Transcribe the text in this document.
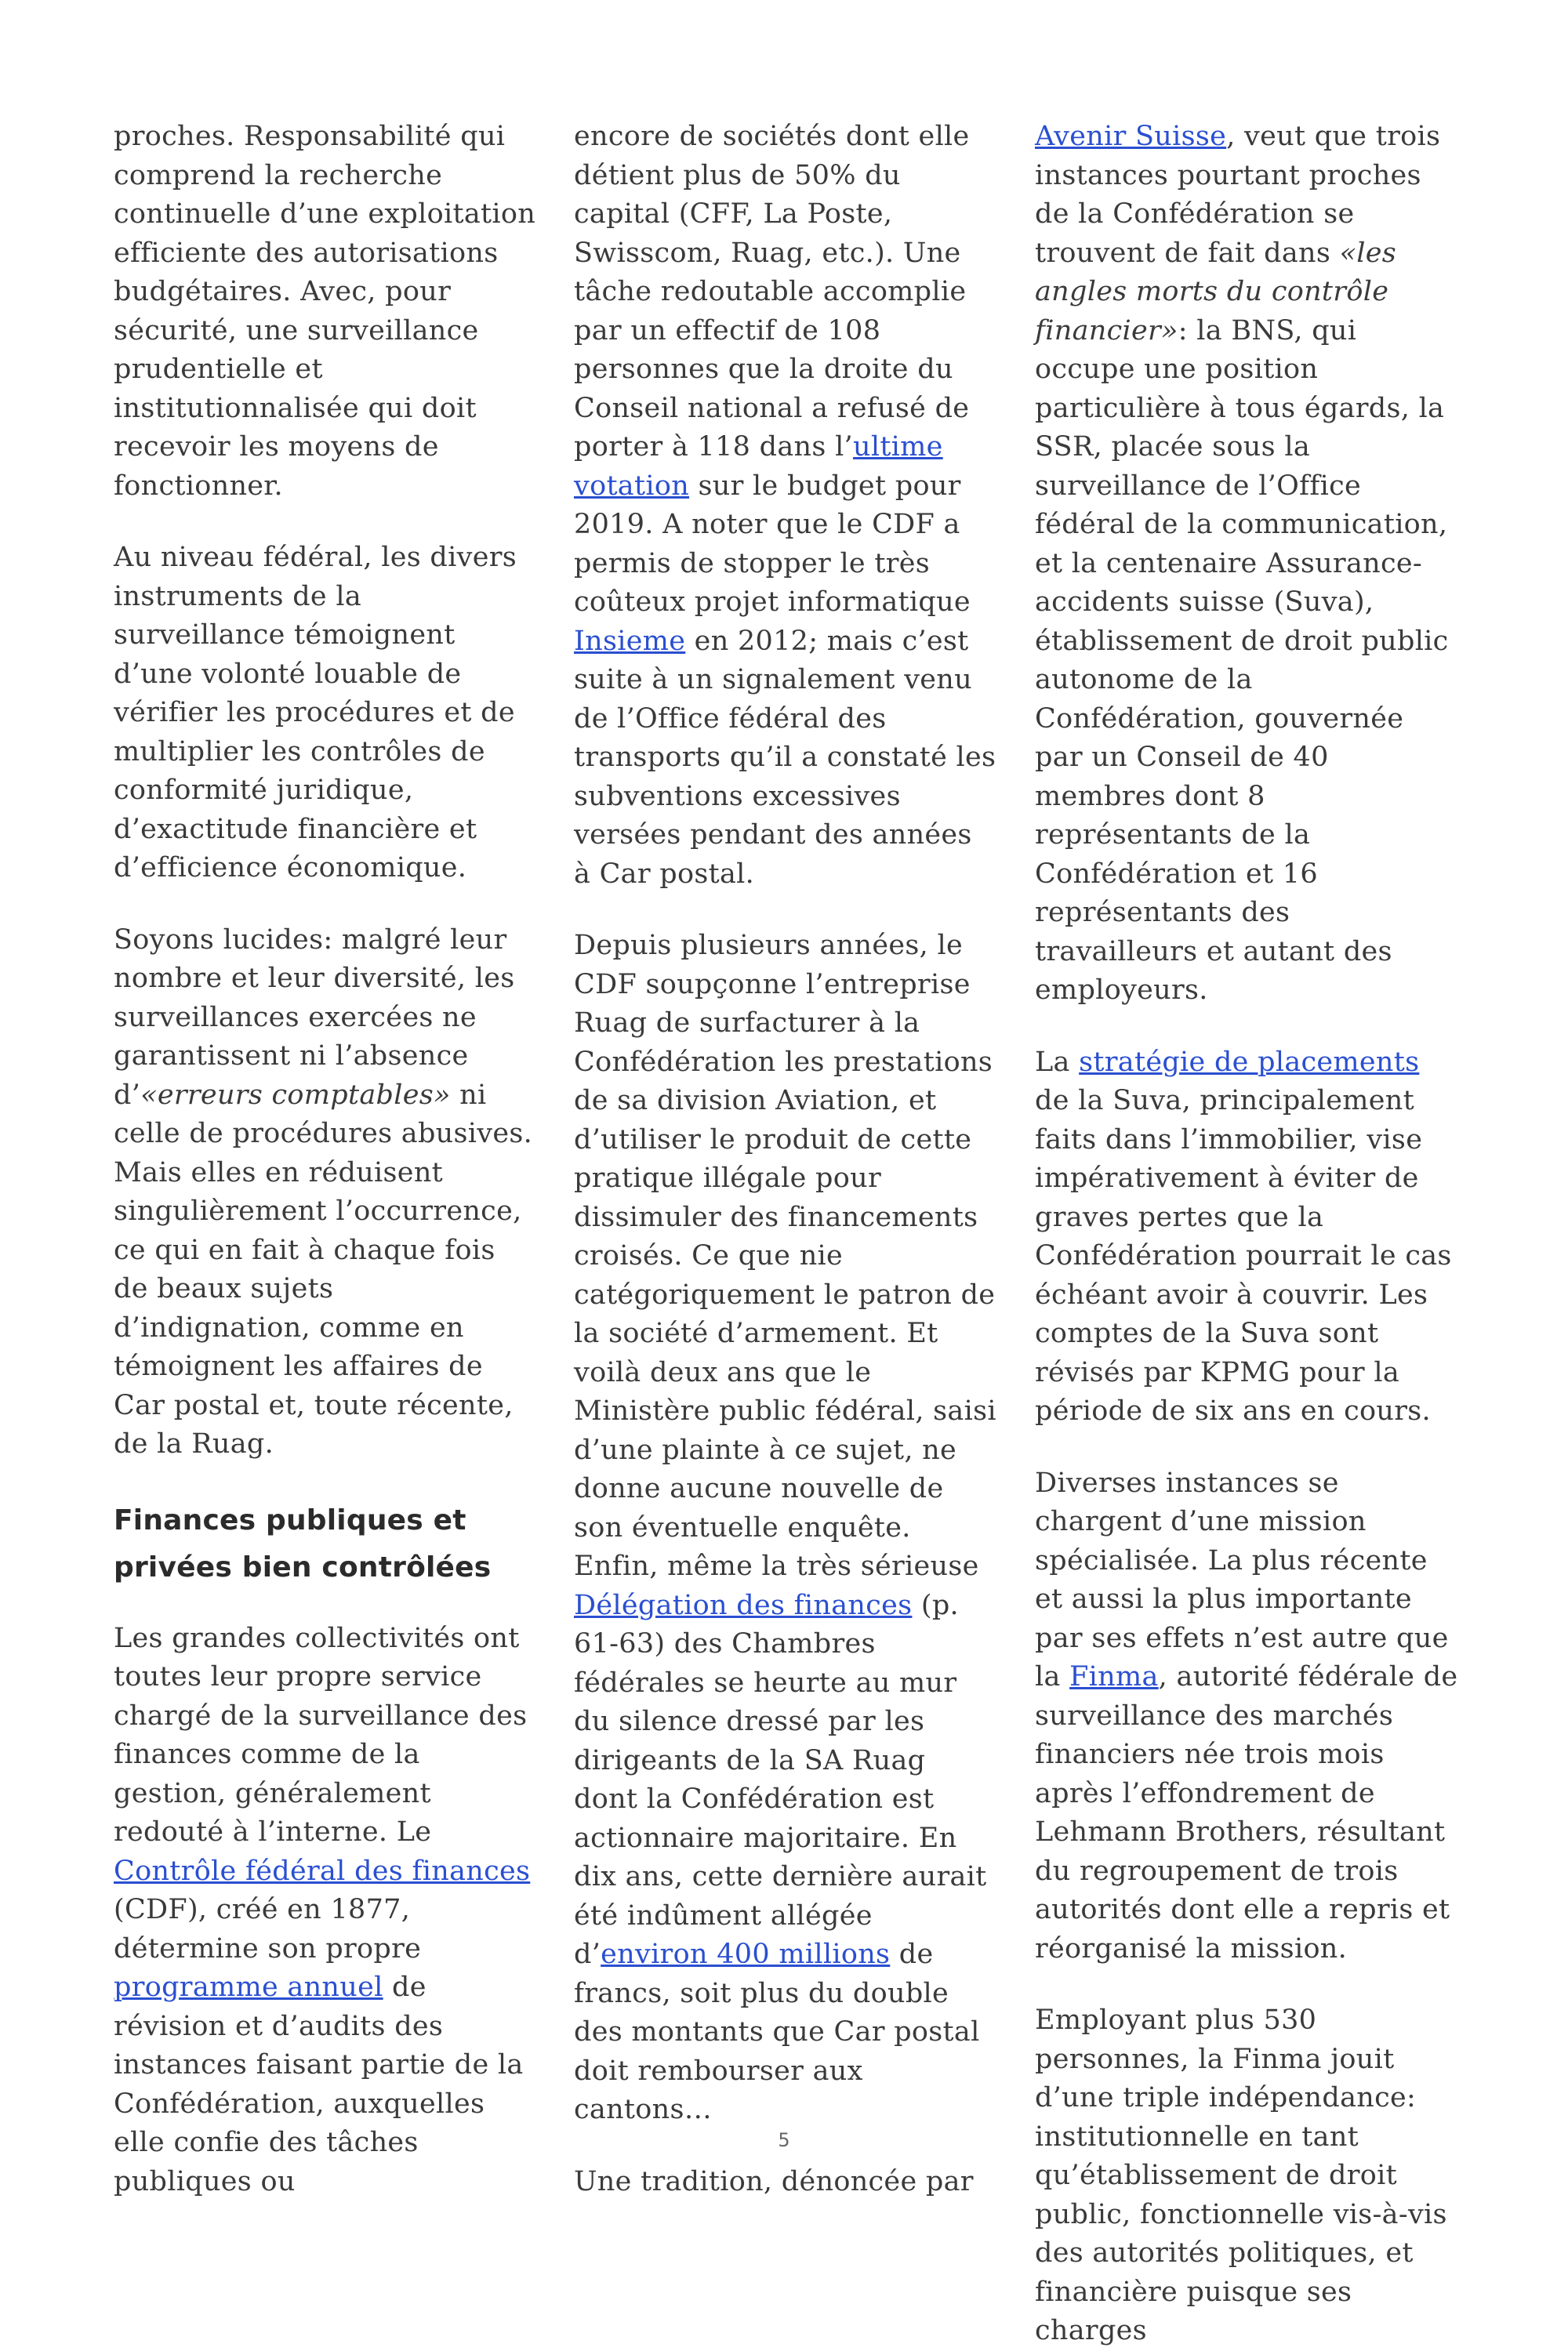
proches. Responsabilité qui comprend la recherche continuelle d’une exploitation efficiente des autorisations budgétaires. Avec, pour sécurité, une surveillance prudentielle et institutionnalisée qui doit recevoir les moyens de fonctionner.

Au niveau fédéral, les divers instruments de la surveillance témoignent d’une volonté louable de vérifier les procédures et de multiplier les contrôles de conformité juridique, d’exactitude financière et d’efficience économique.

Soyons lucides: malgré leur nombre et leur diversité, les surveillances exercées ne garantissent ni l’absence d’«erreurs comptables» ni celle de procédures abusives. Mais elles en réduisent singulièrement l’occurrence, ce qui en fait à chaque fois de beaux sujets d’indignation, comme en témoignent les affaires de Car postal et, toute récente, de la Ruag.

Finances publiques et privées bien contrôlées

Les grandes collectivités ont toutes leur propre service chargé de la surveillance des finances comme de la gestion, généralement redouté à l’interne. Le Contrôle fédéral des finances (CDF), créé en 1877, détermine son propre programme annuel de révision et d’audits des instances faisant partie de la Confédération, auxquelles elle confie des tâches publiques ou

encore de sociétés dont elle détient plus de 50% du capital (CFF, La Poste, Swisscom, Ruag, etc.). Une tâche redoutable accomplie par un effectif de 108 personnes que la droite du Conseil national a refusé de porter à 118 dans l’ultime votation sur le budget pour 2019. A noter que le CDF a permis de stopper le très coûteux projet informatique Insieme en 2012; mais c’est suite à un signalement venu de l’Office fédéral des transports qu’il a constaté les subventions excessives versées pendant des années à Car postal.

Depuis plusieurs années, le CDF soupçonne l’entreprise Ruag de surfacturer à la Confédération les prestations de sa division Aviation, et d’utiliser le produit de cette pratique illégale pour dissimuler des financements croisés. Ce que nie catégoriquement le patron de la société d’armement. Et voilà deux ans que le Ministère public fédéral, saisi d’une plainte à ce sujet, ne donne aucune nouvelle de son éventuelle enquête. Enfin, même la très sérieuse Délégation des finances (p. 61-63) des Chambres fédérales se heurte au mur du silence dressé par les dirigeants de la SA Ruag dont la Confédération est actionnaire majoritaire. En dix ans, cette dernière aurait été indûment allégée d’environ 400 millions de francs, soit plus du double des montants que Car postal doit rembourser aux cantons…

Une tradition, dénoncée par

Avenir Suisse, veut que trois instances pourtant proches de la Confédération se trouvent de fait dans «les angles morts du contrôle financier»: la BNS, qui occupe une position particulière à tous égards, la SSR, placée sous la surveillance de l’Office fédéral de la communication, et la centenaire Assurance-accidents suisse (Suva), établissement de droit public autonome de la Confédération, gouvernée par un Conseil de 40 membres dont 8 représentants de la Confédération et 16 représentants des travailleurs et autant des employeurs.

La stratégie de placements de la Suva, principalement faits dans l’immobilier, vise impérativement à éviter de graves pertes que la Confédération pourrait le cas échéant avoir à couvrir. Les comptes de la Suva sont révisés par KPMG pour la période de six ans en cours.

Diverses instances se chargent d’une mission spécialisée. La plus récente et aussi la plus importante par ses effets n’est autre que la Finma, autorité fédérale de surveillance des marchés financiers née trois mois après l’effondrement de Lehmann Brothers, résultant du regroupement de trois autorités dont elle a repris et réorganisé la mission.

Employant plus 530 personnes, la Finma jouit d’une triple indépendance: institutionnelle en tant qu’établissement de droit public, fonctionnelle vis-à-vis des autorités politiques, et financière puisque ses charges

5
